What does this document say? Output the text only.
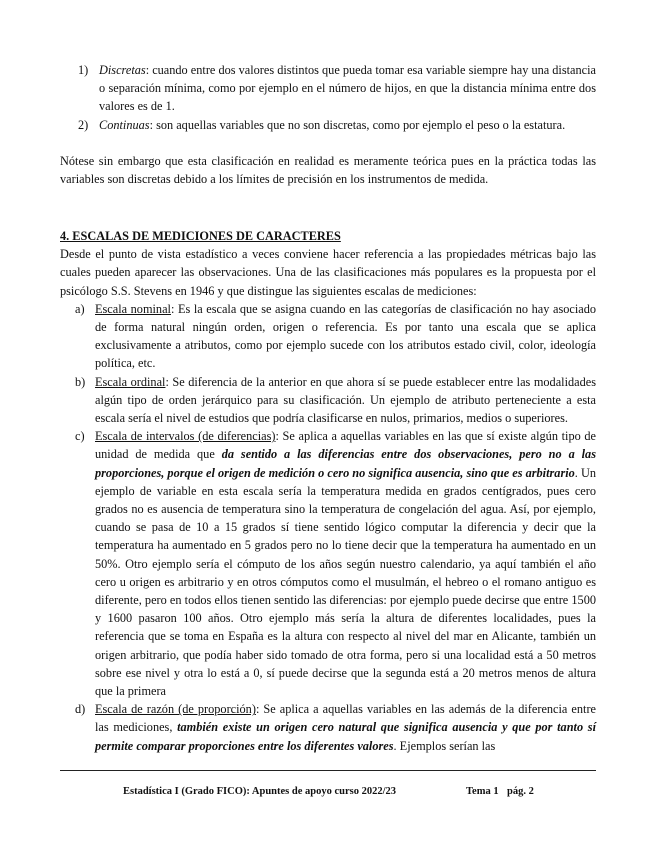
1) Discretas: cuando entre dos valores distintos que pueda tomar esa variable siempre hay una distancia o separación mínima, como por ejemplo en el número de hijos, en que la distancia mínima entre dos valores es de 1.
2) Continuas: son aquellas variables que no son discretas, como por ejemplo el peso o la estatura.

Nótese sin embargo que esta clasificación en realidad es meramente teórica pues en la práctica todas las variables son discretas debido a los límites de precisión en los instrumentos de medida.

4. ESCALAS DE MEDICIONES DE CARACTERES

Desde el punto de vista estadístico a veces conviene hacer referencia a las propiedades métricas bajo las cuales pueden aparecer las observaciones. Una de las clasificaciones más populares es la propuesta por el psicólogo S.S. Stevens en 1946 y que distingue las siguientes escalas de mediciones:

a) Escala nominal: Es la escala que se asigna cuando en las categorías de clasificación no hay asociado de forma natural ningún orden, origen o referencia. Es por tanto una escala que se aplica exclusivamente a atributos, como por ejemplo sucede con los atributos estado civil, color, ideología política, etc.
b) Escala ordinal: Se diferencia de la anterior en que ahora sí se puede establecer entre las modalidades algún tipo de orden jerárquico para su clasificación. Un ejemplo de atributo perteneciente a esta escala sería el nivel de estudios que podría clasificarse en nulos, primarios, medios o superiores.
c) Escala de intervalos (de diferencias): Se aplica a aquellas variables en las que sí existe algún tipo de unidad de medida que da sentido a las diferencias entre dos observaciones, pero no a las proporciones, porque el origen de medición o cero no significa ausencia, sino que es arbitrario. Un ejemplo de variable en esta escala sería la temperatura medida en grados centígrados, pues cero grados no es ausencia de temperatura sino la temperatura de congelación del agua. Así, por ejemplo, cuando se pasa de 10 a 15 grados sí tiene sentido lógico computar la diferencia y decir que la temperatura ha aumentado en 5 grados pero no lo tiene decir que la temperatura ha aumentado en un 50%. Otro ejemplo sería el cómputo de los años según nuestro calendario, ya aquí también el año cero u origen es arbitrario y en otros cómputos como el musulmán, el hebreo o el romano antiguo es diferente, pero en todos ellos tienen sentido las diferencias: por ejemplo puede decirse que entre 1500 y 1600 pasaron 100 años. Otro ejemplo más sería la altura de diferentes localidades, pues la referencia que se toma en España es la altura con respecto al nivel del mar en Alicante, también un origen arbitrario, que podía haber sido tomado de otra forma, pero si una localidad está a 50 metros sobre ese nivel y otra lo está a 0, sí puede decirse que la segunda está a 20 metros menos de altura que la primera
d) Escala de razón (de proporción): Se aplica a aquellas variables en las además de la diferencia entre las mediciones, también existe un origen cero natural que significa ausencia y que por tanto sí permite comparar proporciones entre los diferentes valores. Ejemplos serían las
Estadística I (Grado FICO): Apuntes de apoyo curso 2022/23	Tema 1 pág. 2
